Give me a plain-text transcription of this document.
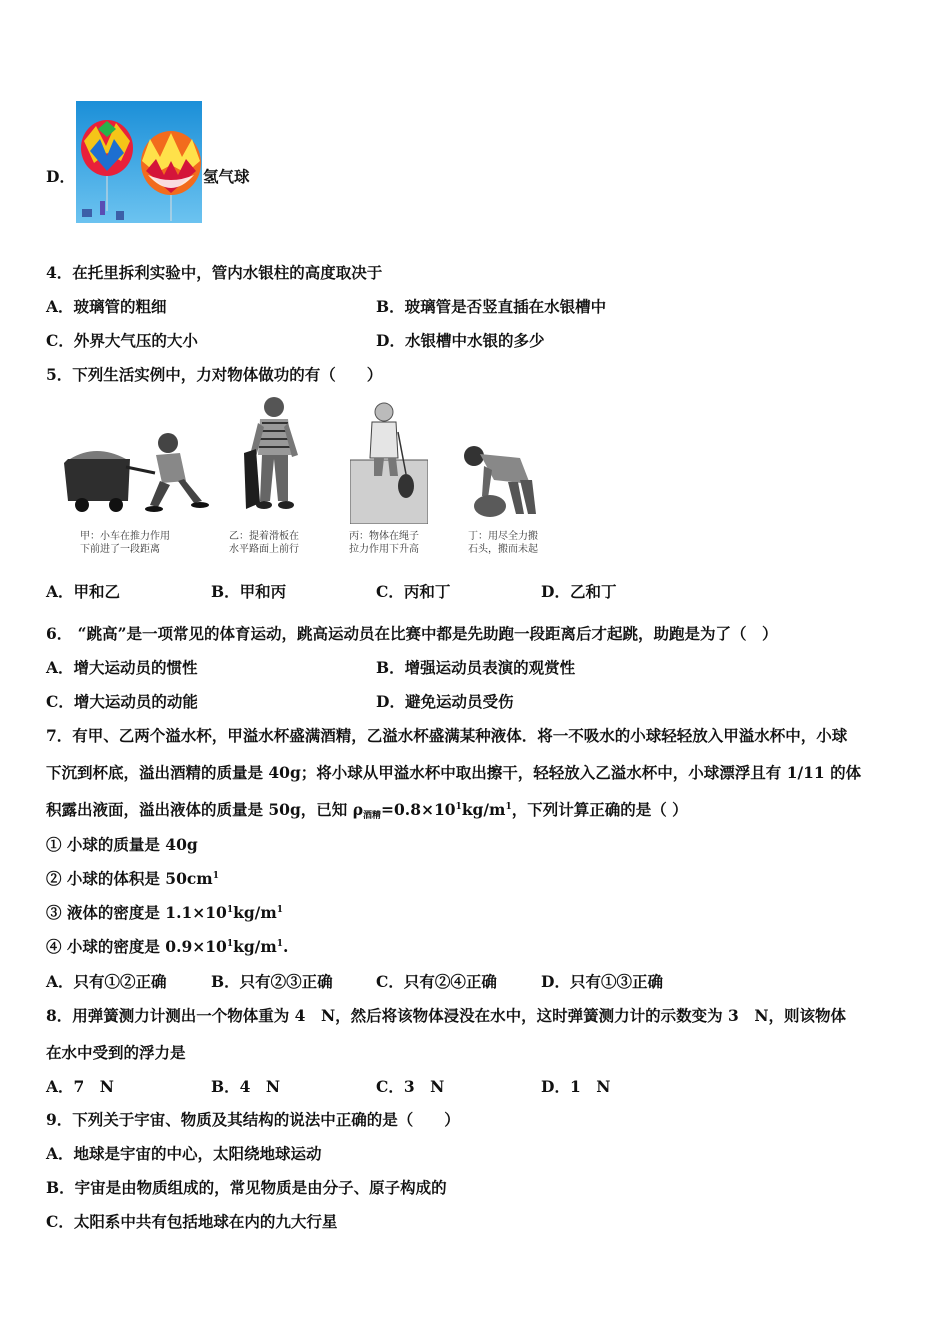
D．	氢气球
4．在托里拆利实验中，管内水银柱的高度取决于
A．玻璃管的粗细	B．玻璃管是否竖直插在水银槽中
C．外界大气压的大小	D．水银槽中水银的多少
5．下列生活实例中，力对物体做功的有（　　）
甲：小车在推力作用
下前进了一段距离
乙：提着滑板在
水平路面上前行
丙：物体在绳子
拉力作用下升高
丁：用尽全力搬
石头，搬而未起
A．甲和乙	B．甲和丙	C．丙和丁	D．乙和丁
6． “跳高”是一项常见的体育运动，跳高运动员在比赛中都是先助跑一段距离后才起跳，助跑是为了（　）
A．增大运动员的惯性	B．增强运动员表演的观赏性
C．增大运动员的动能	D．避免运动员受伤
7．有甲、乙两个溢水杯，甲溢水杯盛满酒精，乙溢水杯盛满某种液体．将一不吸水的小球轻轻放入甲溢水杯中，小球
下沉到杯底，溢出酒精的质量是 40g；将小球从甲溢水杯中取出擦干，轻轻放入乙溢水杯中，小球漂浮且有 1/11 的体
积露出液面，溢出液体的质量是 50g，已知 $\rho_{酒精}=0.8\times 10^1kg/m^1$，下列计算正确的是（ ）
① 小球的质量是 40g
② 小球的体积是 $50cm^1$
③ 液体的密度是 $1.1\times 10^1kg/m^1$
④ 小球的密度是 $0.9\times 10^1kg/m^1$.
A．只有①②正确	B．只有②③正确	C．只有②④正确	D．只有①③正确
8．用弹簧测力计测出一个物体重为 4　N，然后将该物体浸没在水中，这时弹簧测力计的示数变为 3　N，则该物体
在水中受到的浮力是
A．7　N	B．4　N	C．3　N	D．1　N
9．下列关于宇宙、物质及其结构的说法中正确的是（　　）
A．地球是宇宙的中心，太阳绕地球运动
B．宇宙是由物质组成的，常见物质是由分子、原子构成的
C．太阳系中共有包括地球在内的九大行星
